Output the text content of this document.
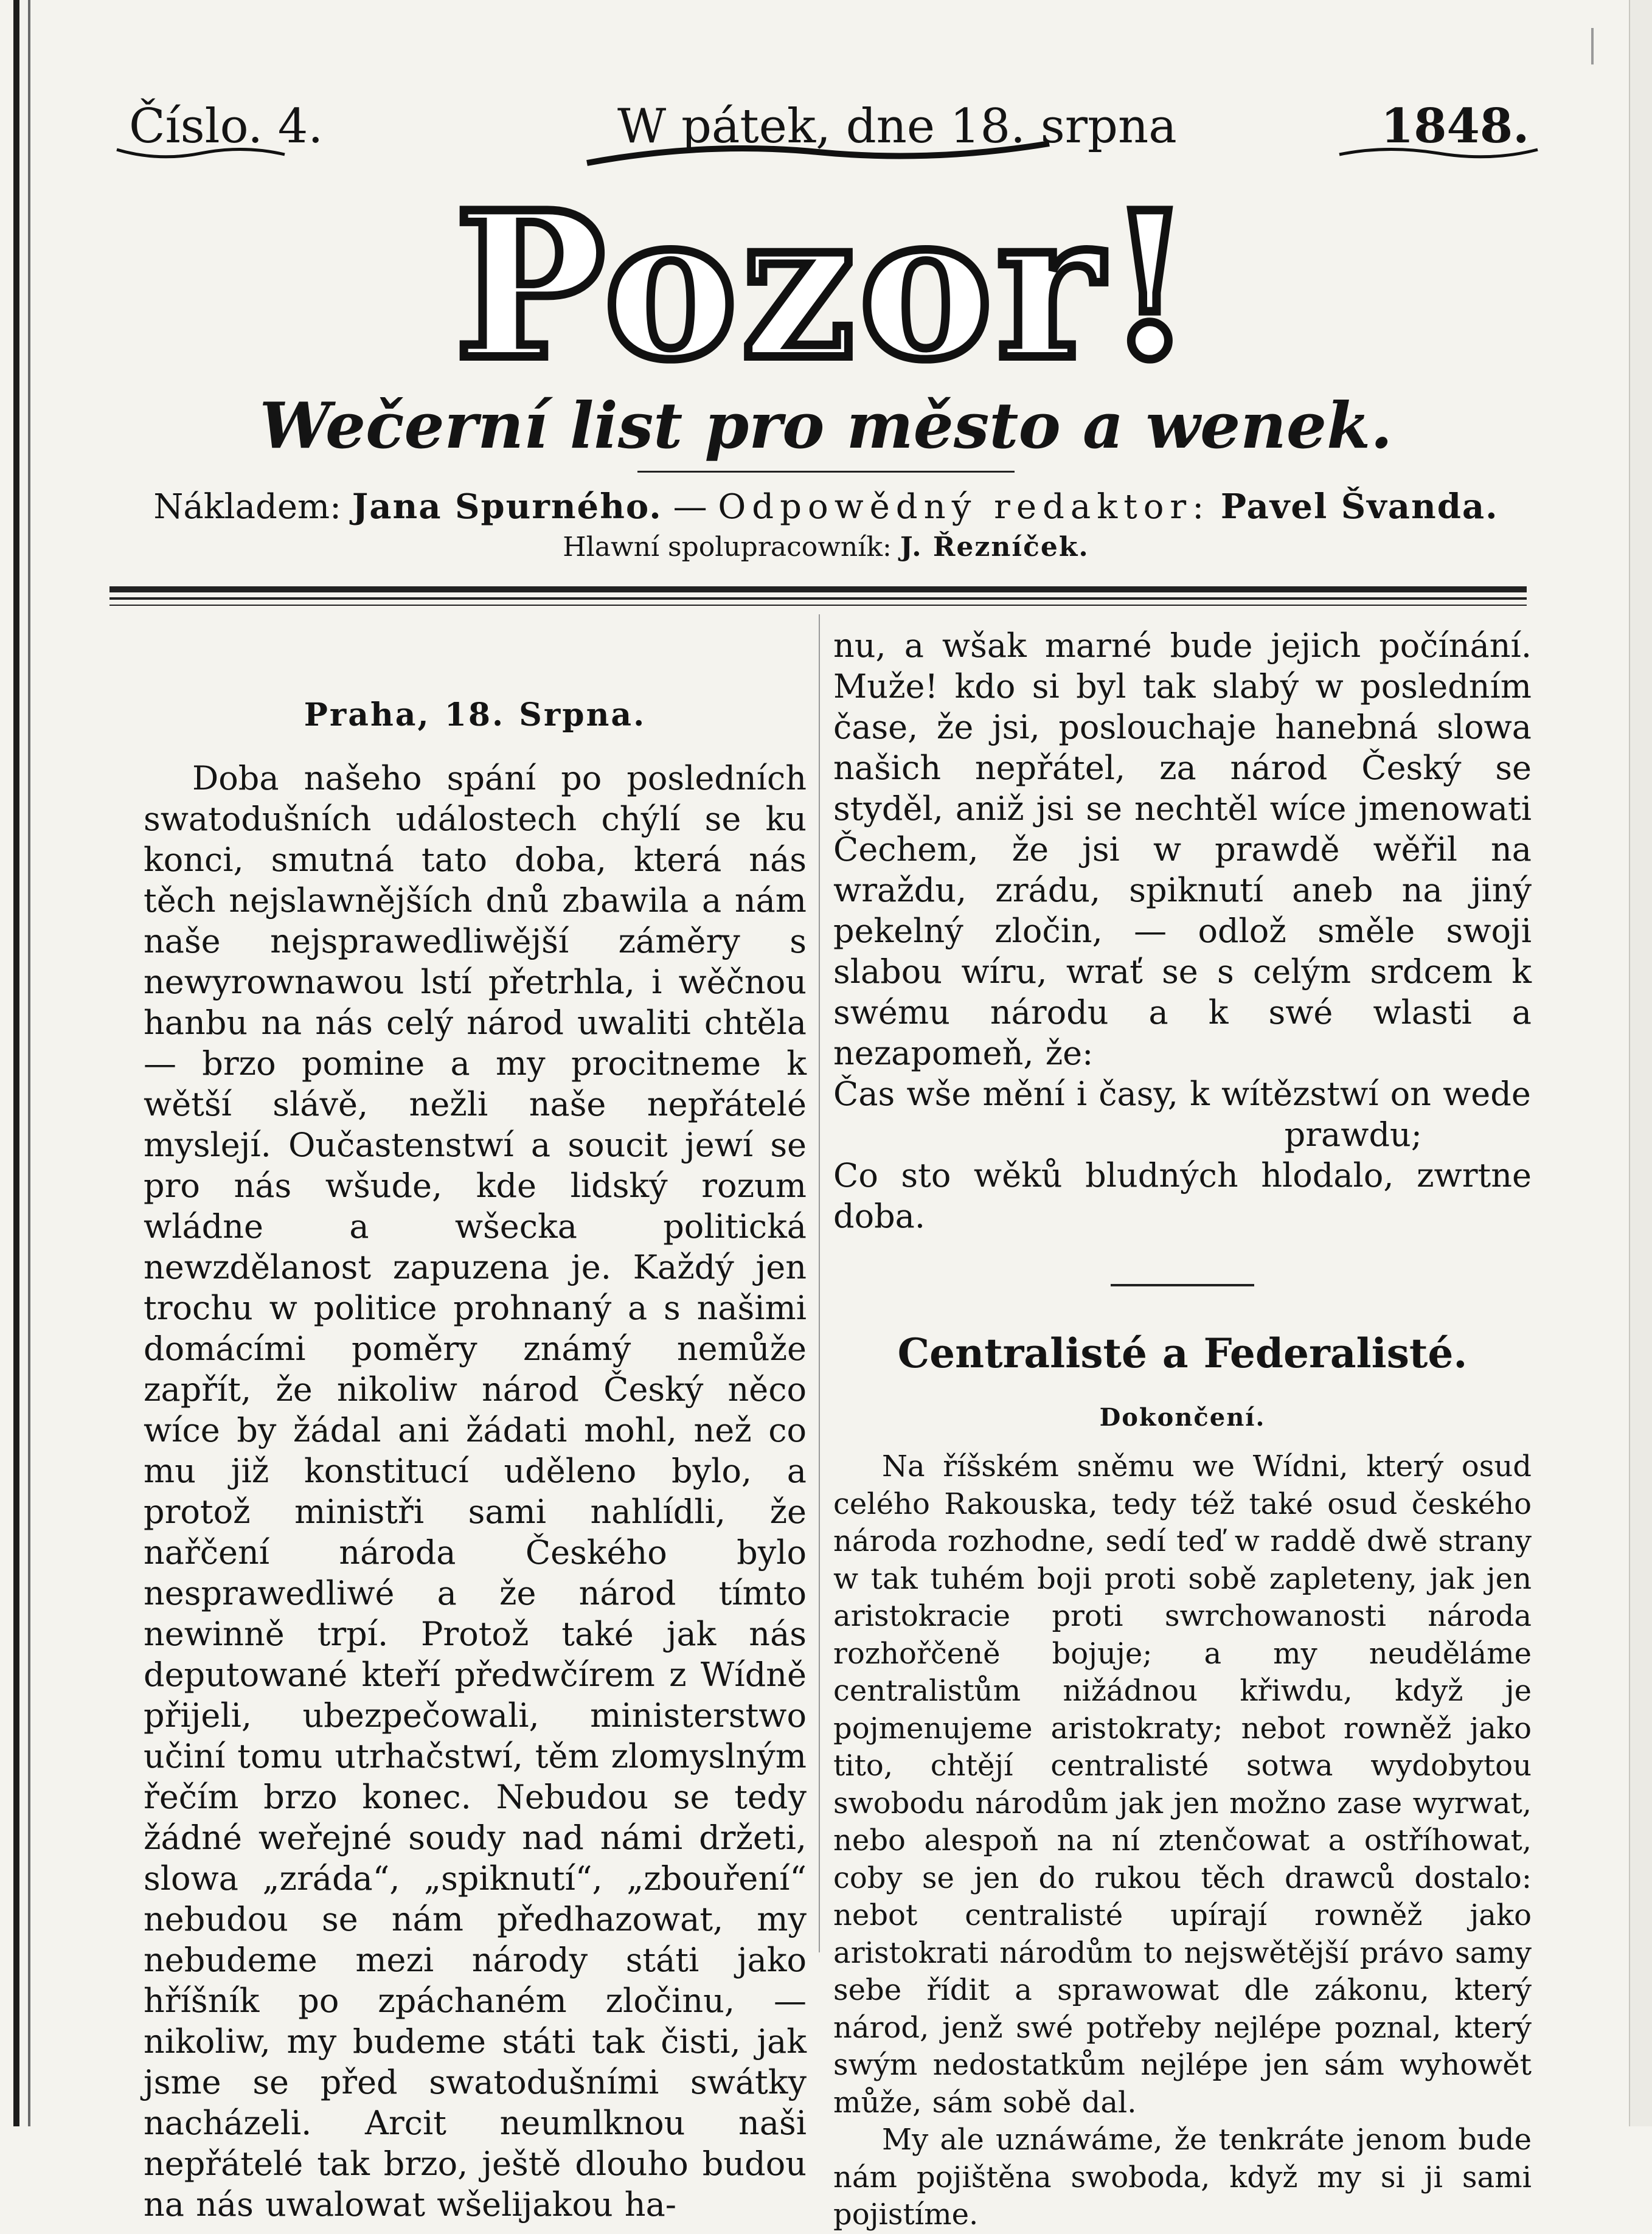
Číslo. 4.	W pátek, dne 18. srpna	1848.
Pozor!
Wečerní list pro město a wenek.
Nákladem: Jana Spurného. — Odpowědný redaktor: Pavel Švanda.
Hlawní spolupracowník: J. Řezníček.

Praha, 18. Srpna.

Doba našeho spání po posledních swatodušních událostech chýlí se ku konci, smutná tato doba, která nás těch nejslawnějších dnů zbawila a nám naše nejsprawedliwější záměry s newyrownawou lstí přetrhla, i wěčnou hanbu na nás celý národ uwaliti chtěla — brzo pomine a my procitneme k wětší slávě, nežli naše nepřátelé myslejí. Oučastenstwí a soucit jewí se pro nás wšude, kde lidský rozum wládne a wšecka politická newzdělanost zapuzena je. Každý jen trochu w politice prohnaný a s našimi domácími poměry známý nemůže zapřít, že nikoliw národ Český něco wíce by žádal ani žádati mohl, než co mu již konstitucí uděleno bylo, a protož ministři sami nahlídli, že nařčení národa Českého bylo nesprawedliwé a že národ tímto newinně trpí. Protož také jak nás deputowané kteří předwčírem z Wídně přijeli, ubezpečowali, ministerstwo učiní tomu utrhačstwí, těm zlomyslným řečím brzo konec. Nebudou se tedy žádné weřejné soudy nad námi držeti, slowa „zráda“, „spiknutí“, „zbouření“ nebudou se nám předhazowat, my nebudeme mezi národy státi jako hříšník po zpáchaném zločinu, — nikoliw, my budeme státi tak čisti, jak jsme se před swatodušními swátky nacházeli. Arcit neumlknou naši nepřátelé tak brzo, ještě dlouho budou na nás uwalowat wšelijakou ha-

nu, a wšak marné bude jejich počínání. Muže! kdo si byl tak slabý w posledním čase, že jsi, poslouchaje hanebná slowa našich nepřátel, za národ Český se styděl, aniž jsi se nechtěl wíce jmenowati Čechem, že jsi w prawdě wěřil na wraždu, zrádu, spiknutí aneb na jiný pekelný zločin, — odlož směle swoji slabou wíru, wrať se s celým srdcem k swému národu a k swé wlasti a nezapomeň, že:

Čas wše mění i časy, k wítězstwí on wede

prawdu;

Co sto wěků bludných hlodalo, zwrtne doba.

Centralisté a Federalisté.

Dokončení.

Na říšském sněmu we Wídni, který osud celého Rakouska, tedy též také osud českého národa rozhodne, sedí teď w raddě dwě strany w tak tuhém boji proti sobě zapleteny, jak jen aristokracie proti swrchowanosti národa rozhořčeně bojuje; a my neuděláme centralistům nižádnou křiwdu, když je pojmenujeme aristokraty; nebot rowněž jako tito, chtějí centralisté sotwa wydobytou swobodu národům jak jen možno zase wyrwat, nebo alespoň na ní ztenčowat a ostříhowat, coby se jen do rukou těch drawců dostalo: nebot centralisté upírají rowněž jako aristokrati národům to nejswětější právo samy sebe řídit a sprawowat dle zákonu, který národ, jenž swé potřeby nejlépe poznal, který swým nedostatkům nejlépe jen sám wyhowět může, sám sobě dal.

My ale uznáwáme, že tenkráte jenom bude nám pojištěna swoboda, když my si ji sami pojistíme.
